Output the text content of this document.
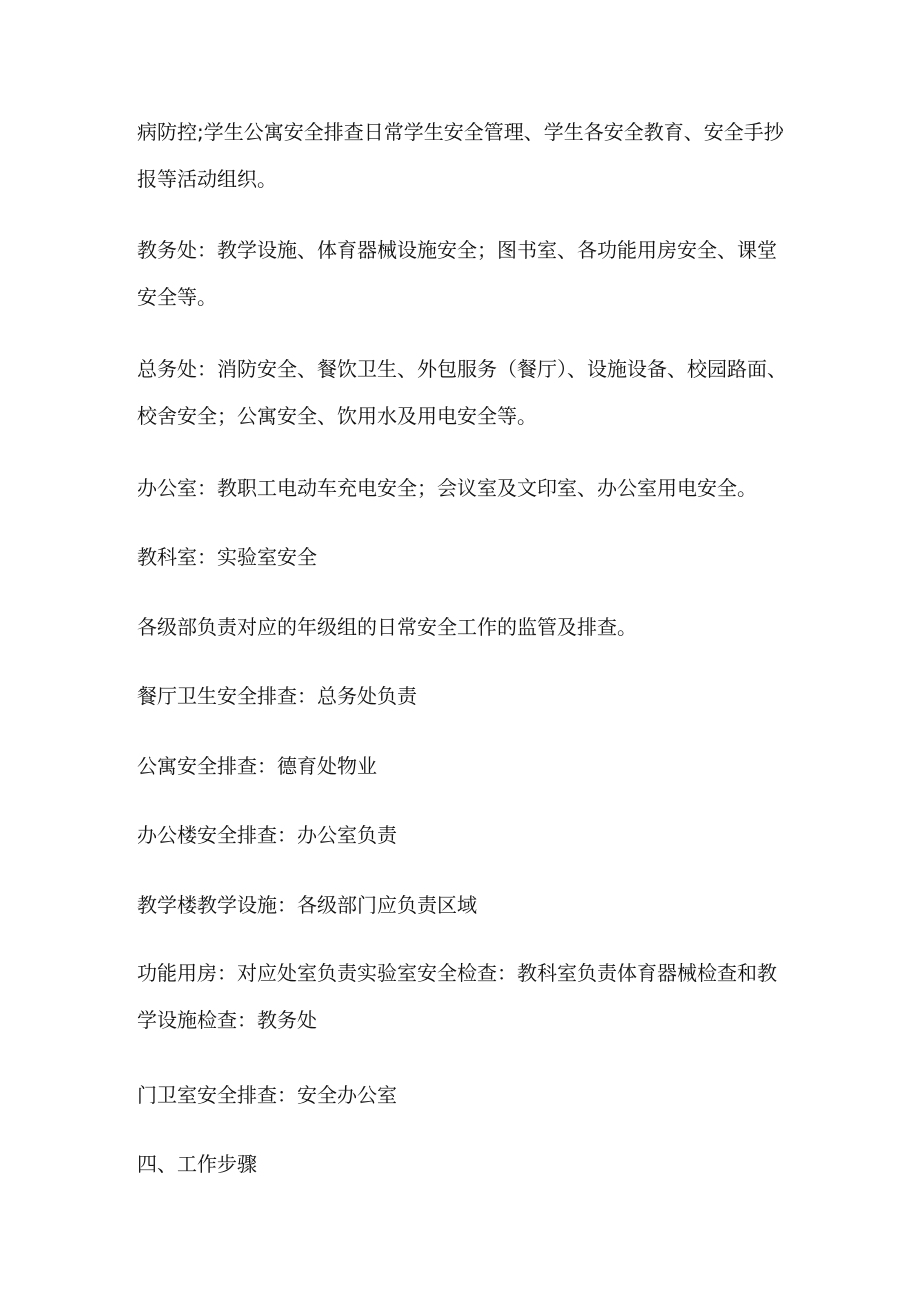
病防控;学生公寓安全排查日常学生安全管理、学生各安全教育、安全手抄报等活动组织。

教务处：教学设施、体育器械设施安全；图书室、各功能用房安全、课堂安全等。

总务处：消防安全、餐饮卫生、外包服务（餐厅）、设施设备、校园路面、校舍安全；公寓安全、饮用水及用电安全等。

办公室：教职工电动车充电安全；会议室及文印室、办公室用电安全。

教科室：实验室安全

各级部负责对应的年级组的日常安全工作的监管及排查。

餐厅卫生安全排查：总务处负责

公寓安全排查：德育处物业

办公楼安全排查：办公室负责

教学楼教学设施：各级部门应负责区域

功能用房：对应处室负责实验室安全检查：教科室负责体育器械检查和教学设施检查：教务处

门卫室安全排查：安全办公室

四、工作步骤
